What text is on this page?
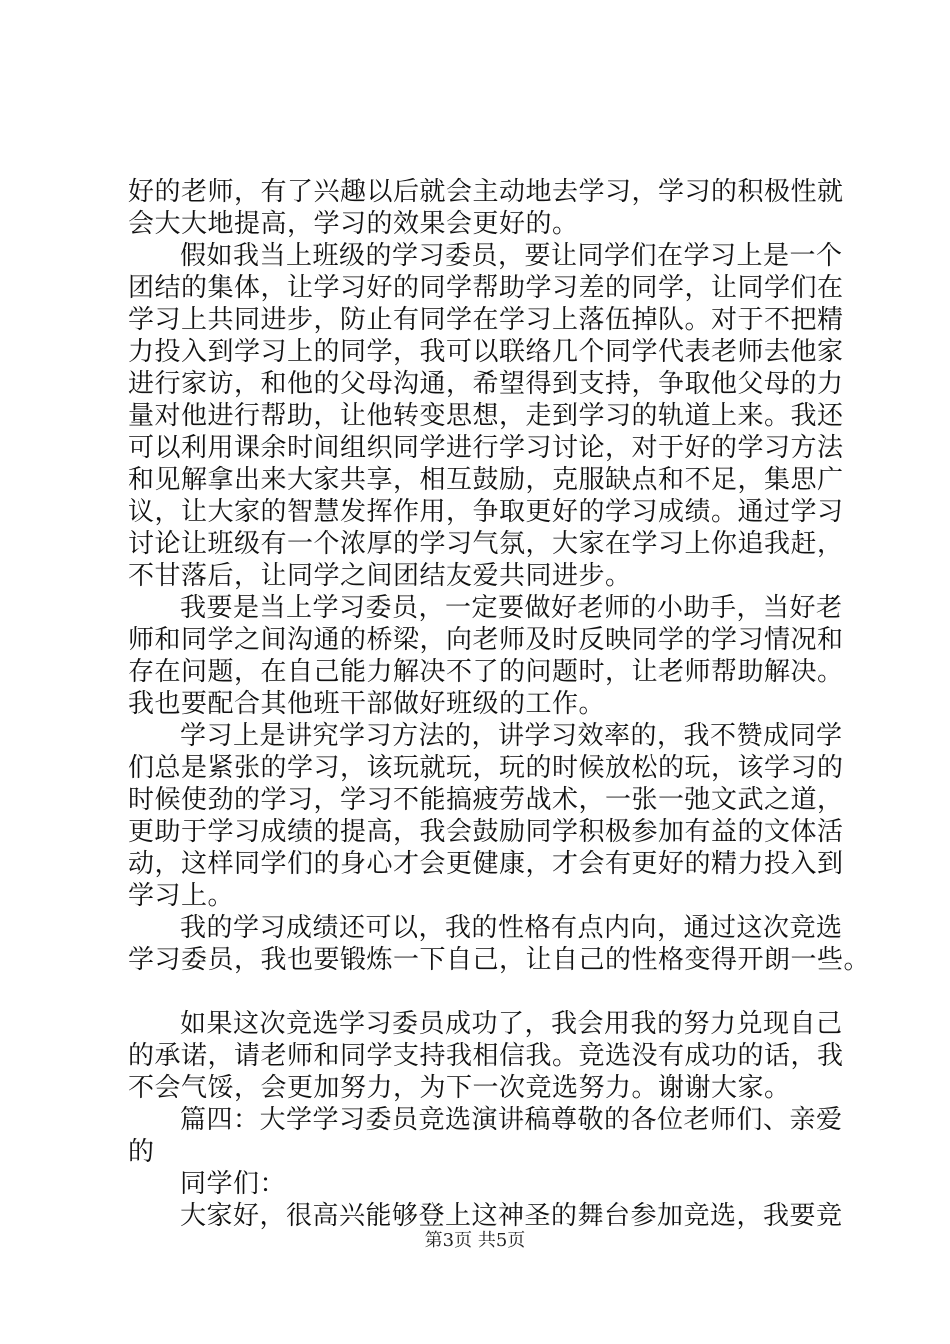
好的老师，有了兴趣以后就会主动地去学习，学习的积极性就
会大大地提高，学习的效果会更好的。
假如我当上班级的学习委员，要让同学们在学习上是一个
团结的集体，让学习好的同学帮助学习差的同学，让同学们在
学习上共同进步，防止有同学在学习上落伍掉队。对于不把精
力投入到学习上的同学，我可以联络几个同学代表老师去他家
进行家访，和他的父母沟通，希望得到支持，争取他父母的力
量对他进行帮助，让他转变思想，走到学习的轨道上来。我还
可以利用课余时间组织同学进行学习讨论，对于好的学习方法
和见解拿出来大家共享，相互鼓励，克服缺点和不足，集思广
议，让大家的智慧发挥作用，争取更好的学习成绩。通过学习
讨论让班级有一个浓厚的学习气氛，大家在学习上你追我赶，
不甘落后，让同学之间团结友爱共同进步。
我要是当上学习委员，一定要做好老师的小助手，当好老
师和同学之间沟通的桥梁，向老师及时反映同学的学习情况和
存在问题，在自己能力解决不了的问题时，让老师帮助解决。
我也要配合其他班干部做好班级的工作。
学习上是讲究学习方法的，讲学习效率的，我不赞成同学
们总是紧张的学习，该玩就玩，玩的时候放松的玩，该学习的
时候使劲的学习，学习不能搞疲劳战术，一张一弛文武之道，
更助于学习成绩的提高，我会鼓励同学积极参加有益的文体活
动，这样同学们的身心才会更健康，才会有更好的精力投入到
学习上。
我的学习成绩还可以，我的性格有点内向，通过这次竞选
学习委员，我也要锻炼一下自己，让自己的性格变得开朗一些。
如果这次竞选学习委员成功了，我会用我的努力兑现自己
的承诺，请老师和同学支持我相信我。竞选没有成功的话，我
不会气馁，会更加努力，为下一次竞选努力。谢谢大家。
篇四：大学学习委员竞选演讲稿尊敬的各位老师们、亲爱
的
同学们：
大家好，很高兴能够登上这神圣的舞台参加竞选，我要竞
第3页 共5页
